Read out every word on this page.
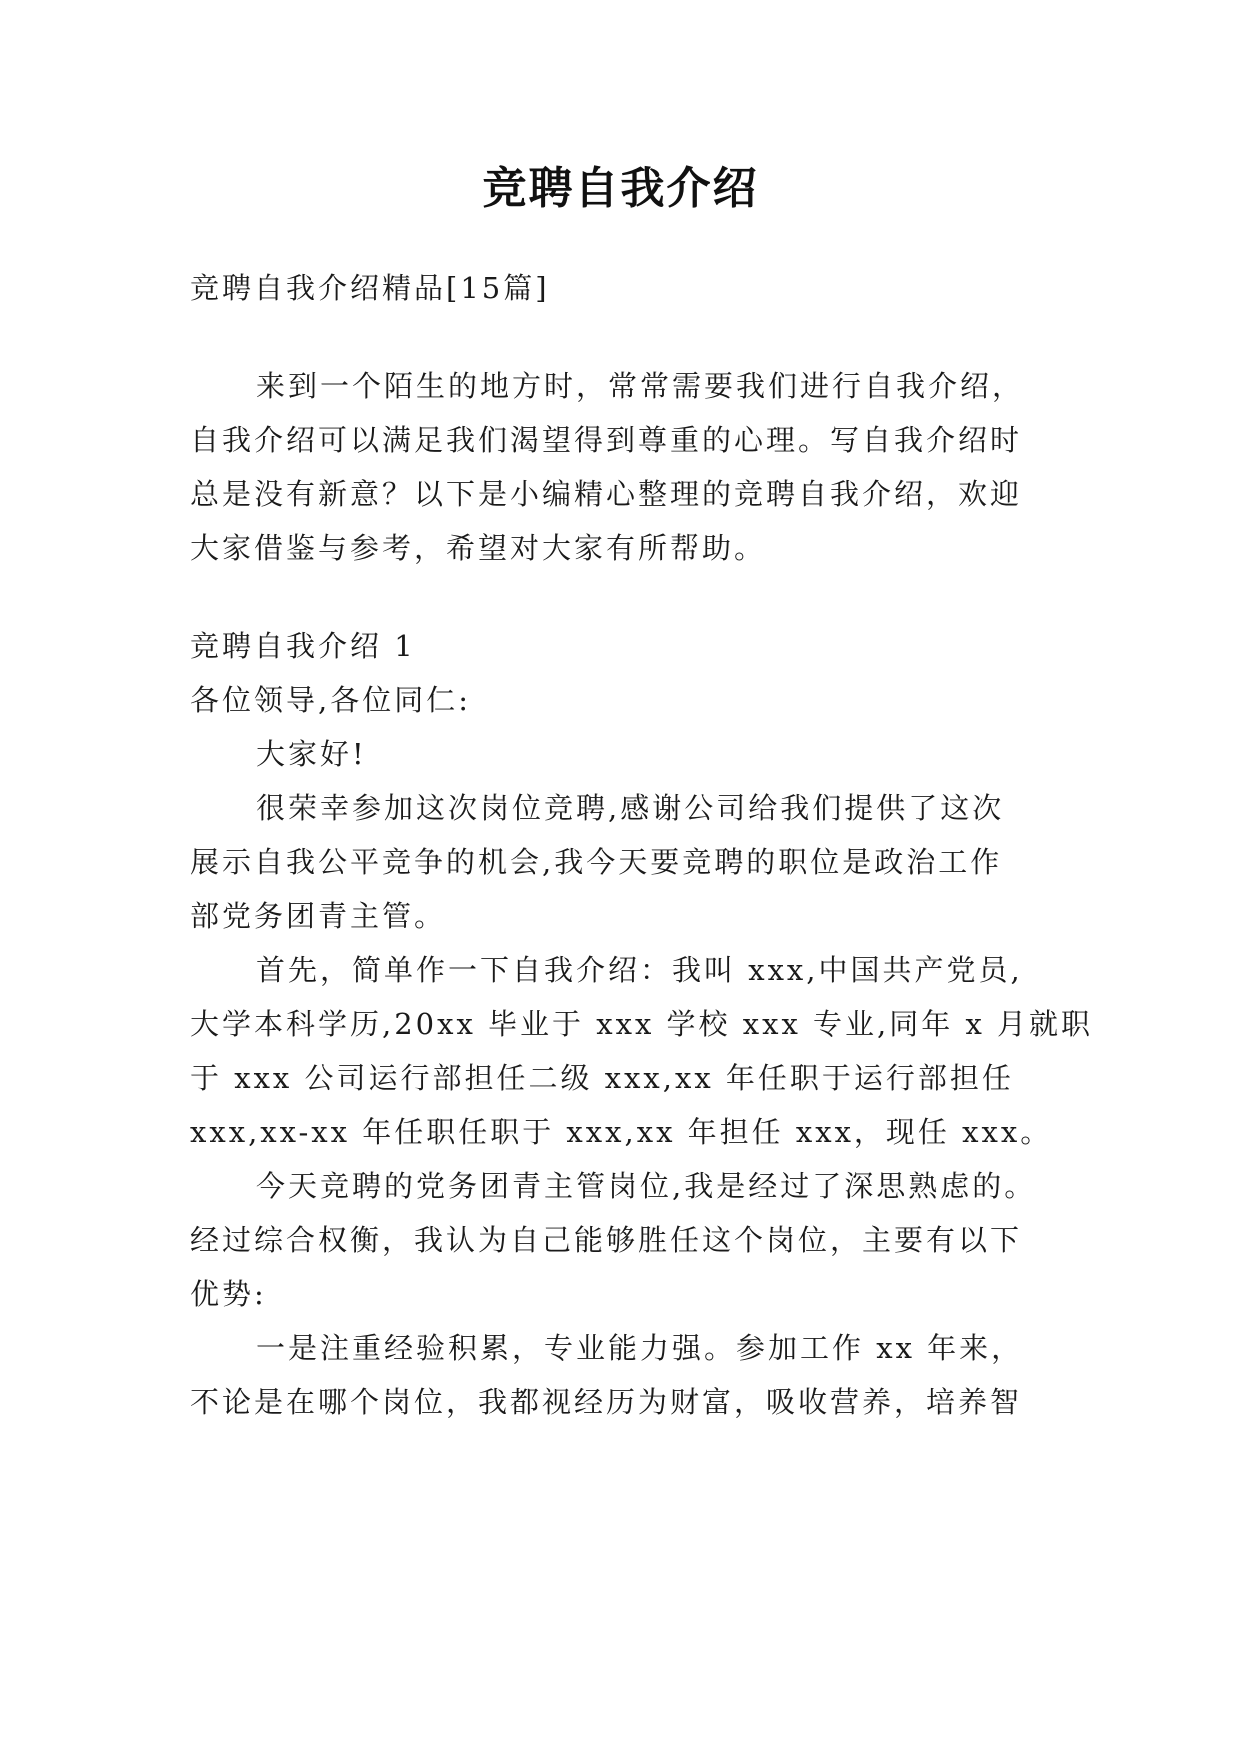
竞聘自我介绍
竞聘自我介绍精品[15篇]
来到一个陌生的地方时，常常需要我们进行自我介绍，
自我介绍可以满足我们渴望得到尊重的心理。写自我介绍时
总是没有新意？以下是小编精心整理的竞聘自我介绍，欢迎
大家借鉴与参考，希望对大家有所帮助。
竞聘自我介绍 1
各位领导,各位同仁:
大家好!
很荣幸参加这次岗位竞聘,感谢公司给我们提供了这次
展示自我公平竞争的机会,我今天要竞聘的职位是政治工作
部党务团青主管。
首先，简单作一下自我介绍：我叫 xxx,中国共产党员,
大学本科学历,20xx 毕业于 xxx 学校 xxx 专业,同年 x 月就职
于 xxx 公司运行部担任二级 xxx,xx 年任职于运行部担任
xxx,xx-xx 年任职任职于 xxx,xx 年担任 xxx，现任 xxx。
今天竞聘的党务团青主管岗位,我是经过了深思熟虑的。
经过综合权衡，我认为自己能够胜任这个岗位，主要有以下
优势:
一是注重经验积累，专业能力强。参加工作 xx 年来，
不论是在哪个岗位，我都视经历为财富，吸收营养，培养智
